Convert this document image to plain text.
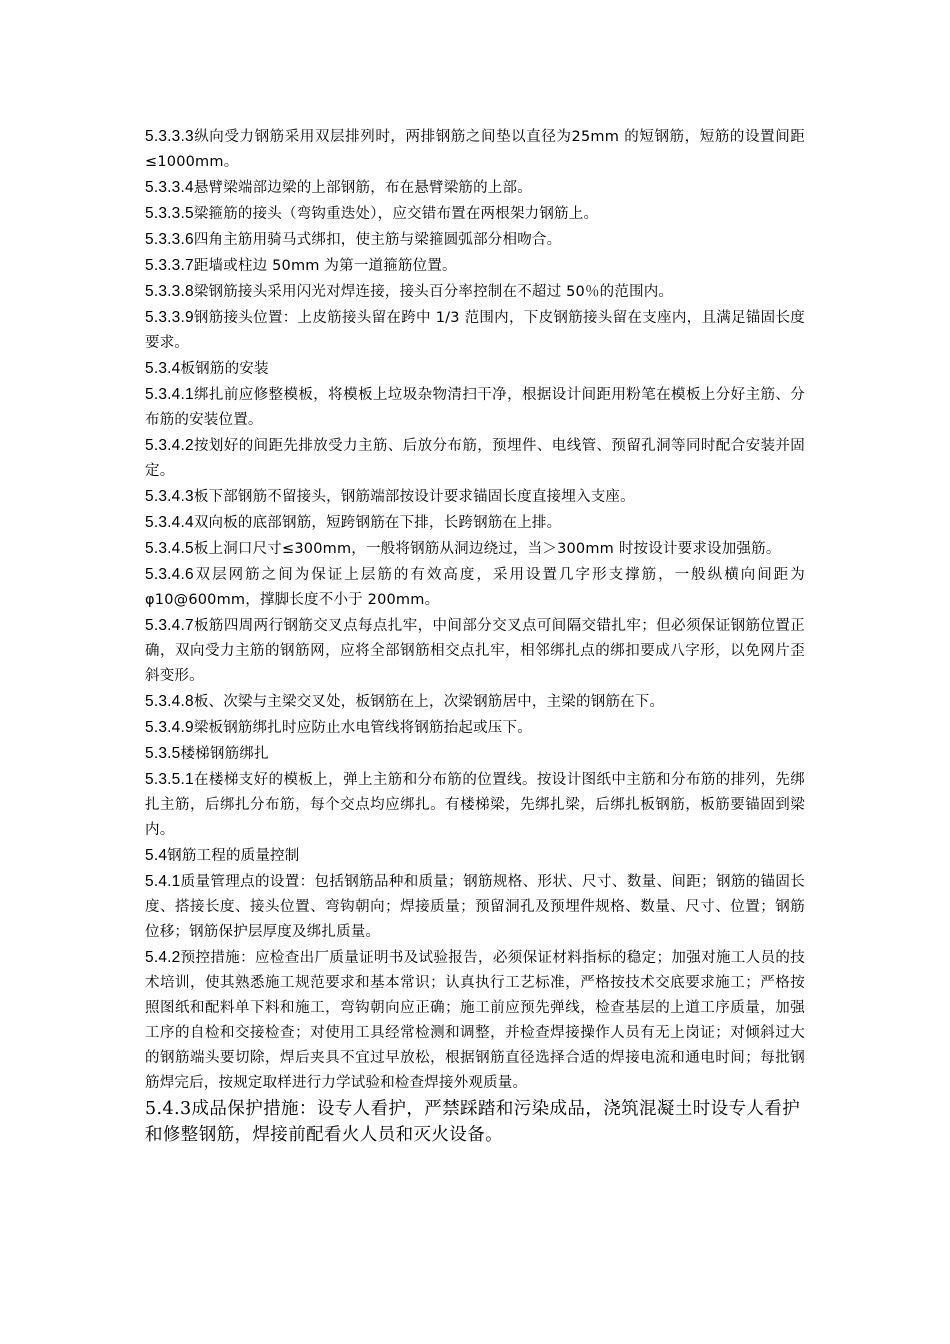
5.3.3.3纵向受力钢筋采用双层排列时，两排钢筋之间垫以直径为25mm 的短钢筋，短筋的设置间距≤1000mm。

5.3.3.4悬臂梁端部边梁的上部钢筋，布在悬臂梁筋的上部。

5.3.3.5梁箍筋的接头（弯钩重迭处），应交错布置在两根架力钢筋上。

5.3.3.6四角主筋用骑马式绑扣，使主筋与梁箍圆弧部分相吻合。

5.3.3.7距墙或柱边 50mm 为第一道箍筋位置。

5.3.3.8梁钢筋接头采用闪光对焊连接，接头百分率控制在不超过 50％的范围内。

5.3.3.9钢筋接头位置：上皮筋接头留在跨中 1/3 范围内，下皮钢筋接头留在支座内，且满足锚固长度要求。

5.3.4板钢筋的安装

5.3.4.1绑扎前应修整模板，将模板上垃圾杂物清扫干净，根据设计间距用粉笔在模板上分好主筋、分布筋的安装位置。

5.3.4.2按划好的间距先排放受力主筋、后放分布筋，预埋件、电线管、预留孔洞等同时配合安装并固定。

5.3.4.3板下部钢筋不留接头，钢筋端部按设计要求锚固长度直接埋入支座。

5.3.4.4双向板的底部钢筋，短跨钢筋在下排，长跨钢筋在上排。

5.3.4.5板上洞口尺寸≤300mm，一般将钢筋从洞边绕过，当＞300mm 时按设计要求设加强筋。

5.3.4.6双层网筋之间为保证上层筋的有效高度，采用设置几字形支撑筋，一般纵横向间距为φ10@600mm，撑脚长度不小于 200mm。

5.3.4.7板筋四周两行钢筋交叉点每点扎牢，中间部分交叉点可间隔交错扎牢；但必须保证钢筋位置正确，双向受力主筋的钢筋网，应将全部钢筋相交点扎牢，相邻绑扎点的绑扣要成八字形，以免网片歪斜变形。

5.3.4.8板、次梁与主梁交叉处，板钢筋在上，次梁钢筋居中，主梁的钢筋在下。

5.3.4.9梁板钢筋绑扎时应防止水电管线将钢筋抬起或压下。

5.3.5楼梯钢筋绑扎

5.3.5.1在楼梯支好的模板上，弹上主筋和分布筋的位置线。按设计图纸中主筋和分布筋的排列，先绑扎主筋，后绑扎分布筋，每个交点均应绑扎。有楼梯梁，先绑扎梁，后绑扎板钢筋，板筋要锚固到梁内。

5.4钢筋工程的质量控制

5.4.1质量管理点的设置：包括钢筋品种和质量；钢筋规格、形状、尺寸、数量、间距；钢筋的锚固长度、搭接长度、接头位置、弯钩朝向；焊接质量；预留洞孔及预埋件规格、数量、尺寸、位置；钢筋位移；钢筋保护层厚度及绑扎质量。

5.4.2预控措施：应检查出厂质量证明书及试验报告，必须保证材料指标的稳定；加强对施工人员的技术培训，使其熟悉施工规范要求和基本常识；认真执行工艺标准，严格按技术交底要求施工；严格按照图纸和配料单下料和施工，弯钩朝向应正确；施工前应预先弹线，检查基层的上道工序质量，加强工序的自检和交接检查；对使用工具经常检测和调整，并检查焊接操作人员有无上岗证；对倾斜过大的钢筋端头要切除，焊后夹具不宜过早放松，根据钢筋直径选择合适的焊接电流和通电时间；每批钢筋焊完后，按规定取样进行力学试验和检查焊接外观质量。

5.4.3成品保护措施：设专人看护，严禁踩踏和污染成品，浇筑混凝土时设专人看护和修整钢筋，焊接前配看火人员和灭火设备。
